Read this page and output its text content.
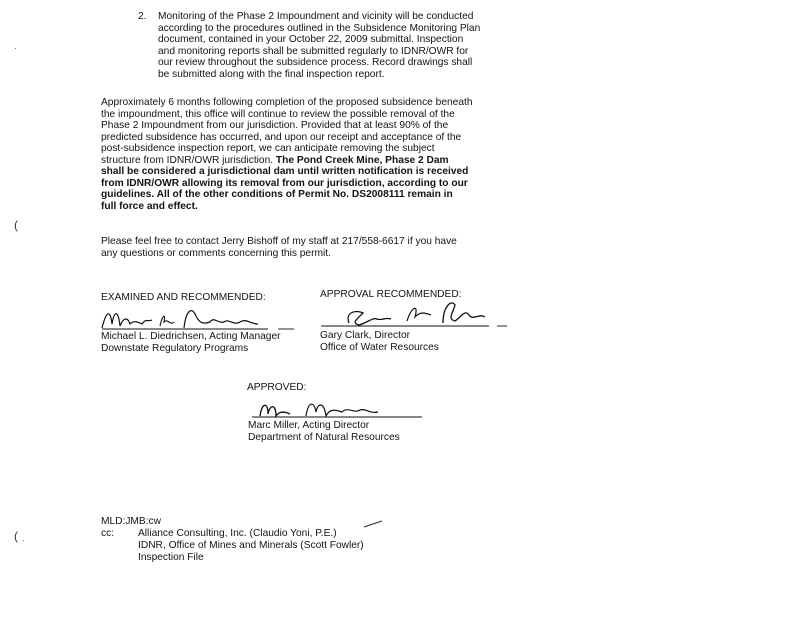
2. Monitoring of the Phase 2 Impoundment and vicinity will be conducted

according to the procedures outlined in the Subsidence Monitoring Plan

document, contained in your October 22, 2009 submittal. Inspection

and monitoring reports shall be submitted regularly to IDNR/OWR for

our review throughout the subsidence process. Record drawings shall

be submitted along with the final inspection report.

Approximately 6 months following completion of the proposed subsidence beneath

the impoundment, this office will continue to review the possible removal of the

Phase 2 Impoundment from our jurisdiction. Provided that at least 90% of the

predicted subsidence has occurred, and upon our receipt and acceptance of the

post-subsidence inspection report, we can anticipate removing the subject

structure from IDNR/OWR jurisdiction. The Pond Creek Mine, Phase 2 Dam

shall be considered a jurisdictional dam until written notification is received

from IDNR/OWR allowing its removal from our jurisdiction, according to our

guidelines. All of the other conditions of Permit No. DS2008111 remain in

full force and effect.

Please feel free to contact Jerry Bishoff of my staff at 217/558-6617 if you have

any questions or comments concerning this permit.

EXAMINED AND RECOMMENDED:

Michael L. Diedrichsen, Acting Manager

Downstate Regulatory Programs

APPROVAL RECOMMENDED:

Gary Clark, Director

Office of Water Resources

APPROVED:

Marc Miller, Acting Director

Department of Natural Resources

MLD:JMB:cw

cc: Alliance Consulting, Inc. (Claudio Yoni, P.E.)

IDNR, Office of Mines and Minerals (Scott Fowler)

Inspection File

·
(
( ·
